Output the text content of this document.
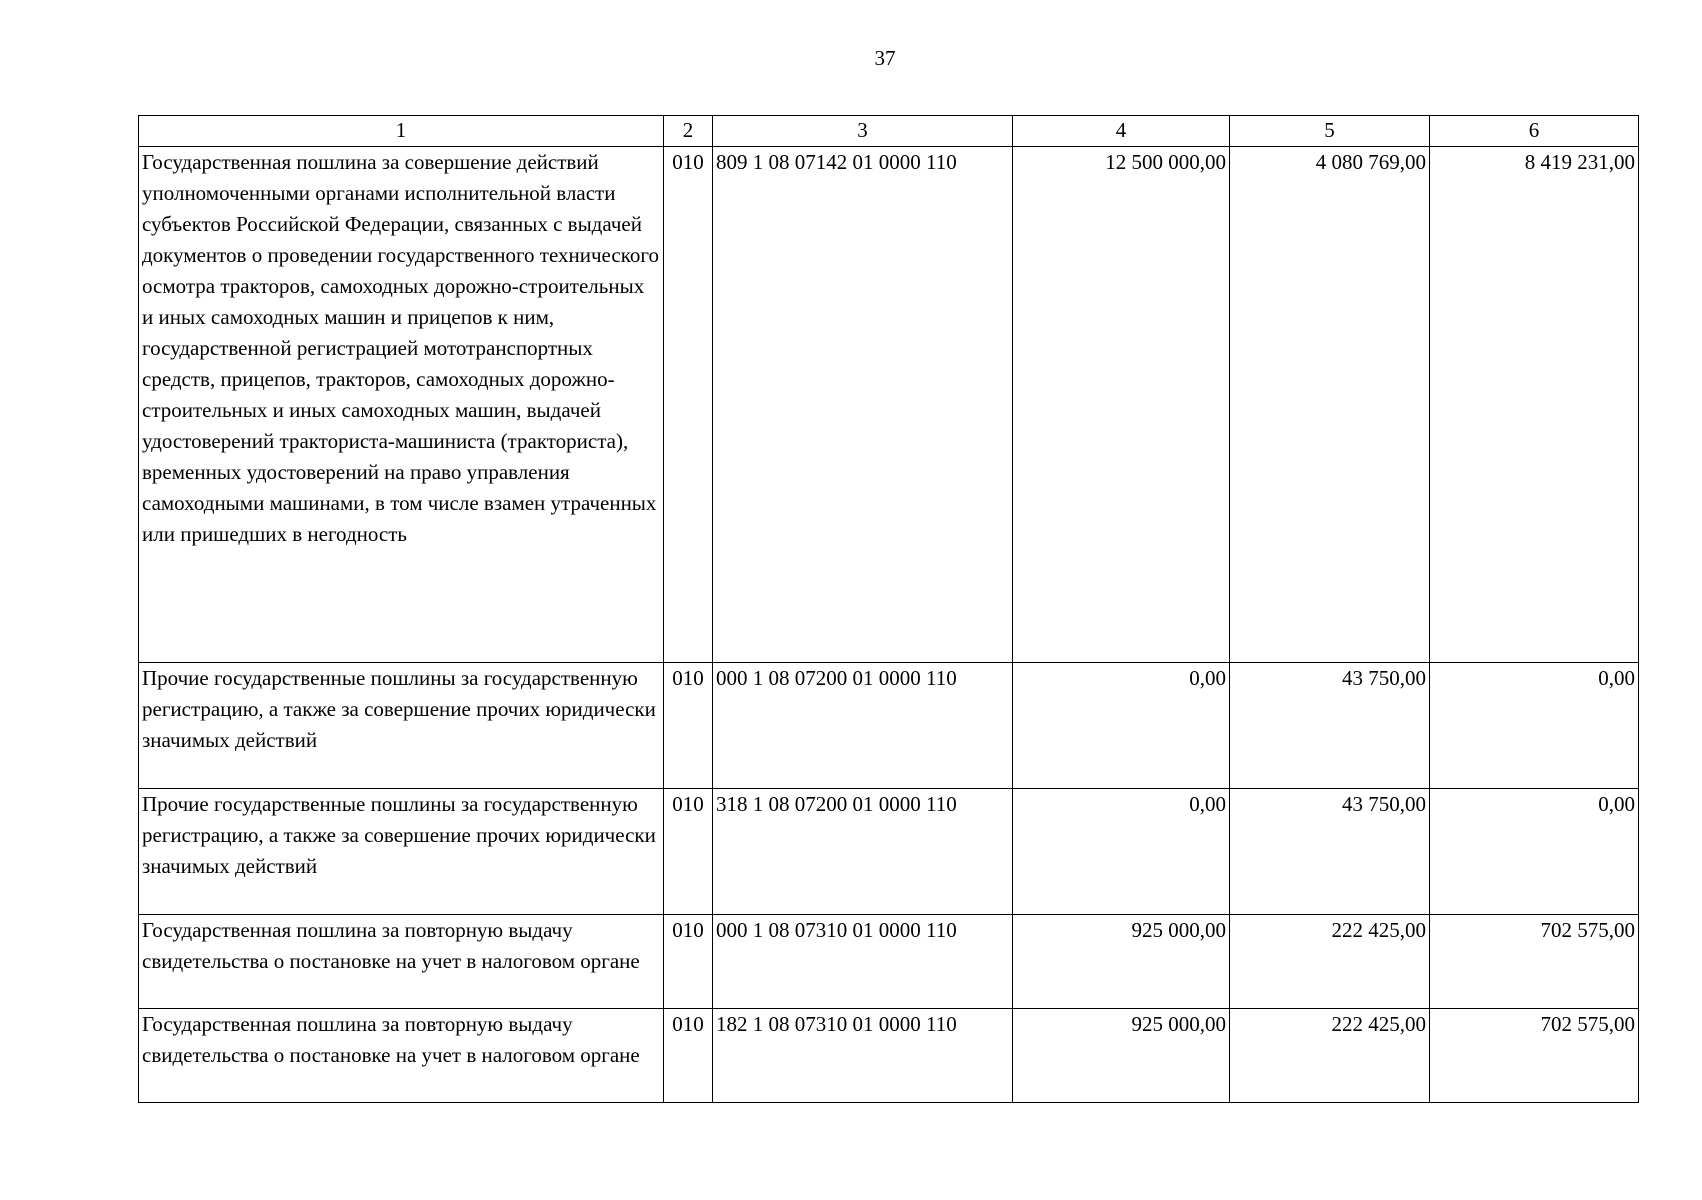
37
1	2	3	4	5	6
Государственная пошлина за совершение действий уполномоченными органами исполнительной власти субъектов Российской Федерации, связанных с выдачей документов о проведении государственного технического осмотра тракторов, самоходных дорожно-строительных и иных самоходных машин и прицепов к ним, государственной регистрацией мототранспортных средств, прицепов, тракторов, самоходных дорожно-строительных и иных самоходных машин, выдачей удостоверений тракториста-машиниста (тракториста), временных удостоверений на право управления самоходными машинами, в том числе взамен утраченных или пришедших в негодность	010	809 1 08 07142 01 0000 110	12 500 000,00	4 080 769,00	8 419 231,00
Прочие государственные пошлины за государственную регистрацию, а также за совершение прочих юридически значимых действий	010	000 1 08 07200 01 0000 110	0,00	43 750,00	0,00
Прочие государственные пошлины за государственную регистрацию, а также за совершение прочих юридически значимых действий	010	318 1 08 07200 01 0000 110	0,00	43 750,00	0,00
Государственная пошлина за повторную выдачу свидетельства о постановке на учет в налоговом органе	010	000 1 08 07310 01 0000 110	925 000,00	222 425,00	702 575,00
Государственная пошлина за повторную выдачу свидетельства о постановке на учет в налоговом органе	010	182 1 08 07310 01 0000 110	925 000,00	222 425,00	702 575,00
